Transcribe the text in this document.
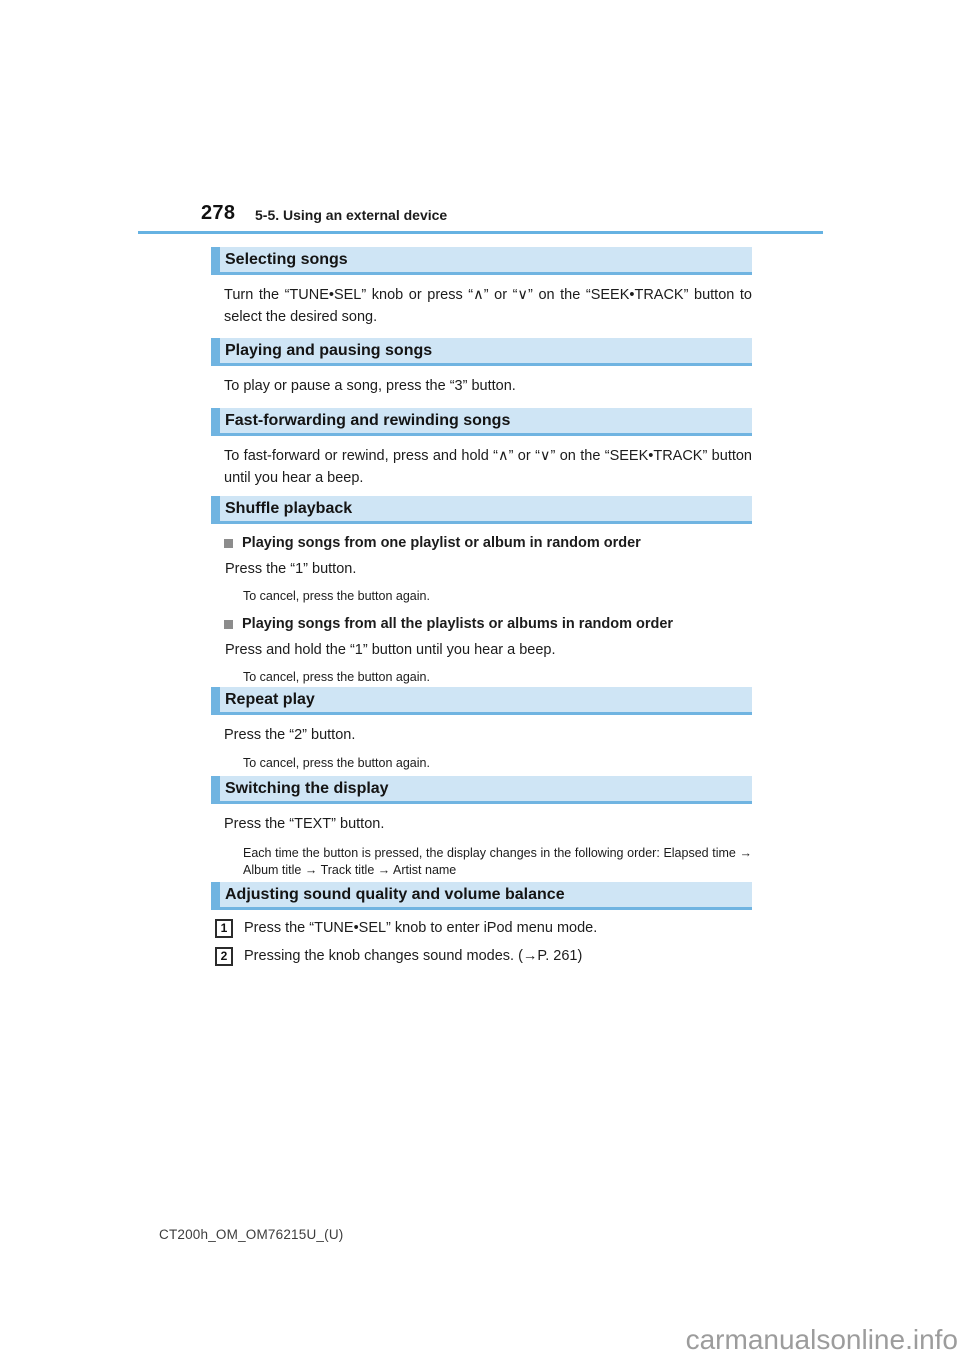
278 5-5. Using an external device
Selecting songs
Turn the “TUNE•SEL” knob or press “∧” or “∨” on the “SEEK•TRACK” button to select the desired song.
Playing and pausing songs
To play or pause a song, press the “3” button.
Fast-forwarding and rewinding songs
To fast-forward or rewind, press and hold “∧” or “∨” on the “SEEK•TRACK” button until you hear a beep.
Shuffle playback
Playing songs from one playlist or album in random order
Press the “1” button.
To cancel, press the button again.
Playing songs from all the playlists or albums in random order
Press and hold the “1” button until you hear a beep.
To cancel, press the button again.
Repeat play
Press the “2” button.
To cancel, press the button again.
Switching the display
Press the “TEXT” button.
Each time the button is pressed, the display changes in the following order: Elapsed time → Album title → Track title → Artist name
Adjusting sound quality and volume balance
1	Press the “TUNE•SEL” knob to enter iPod menu mode.
2	Pressing the knob changes sound modes. (→P. 261)
CT200h_OM_OM76215U_(U)
carmanualsonline.info
